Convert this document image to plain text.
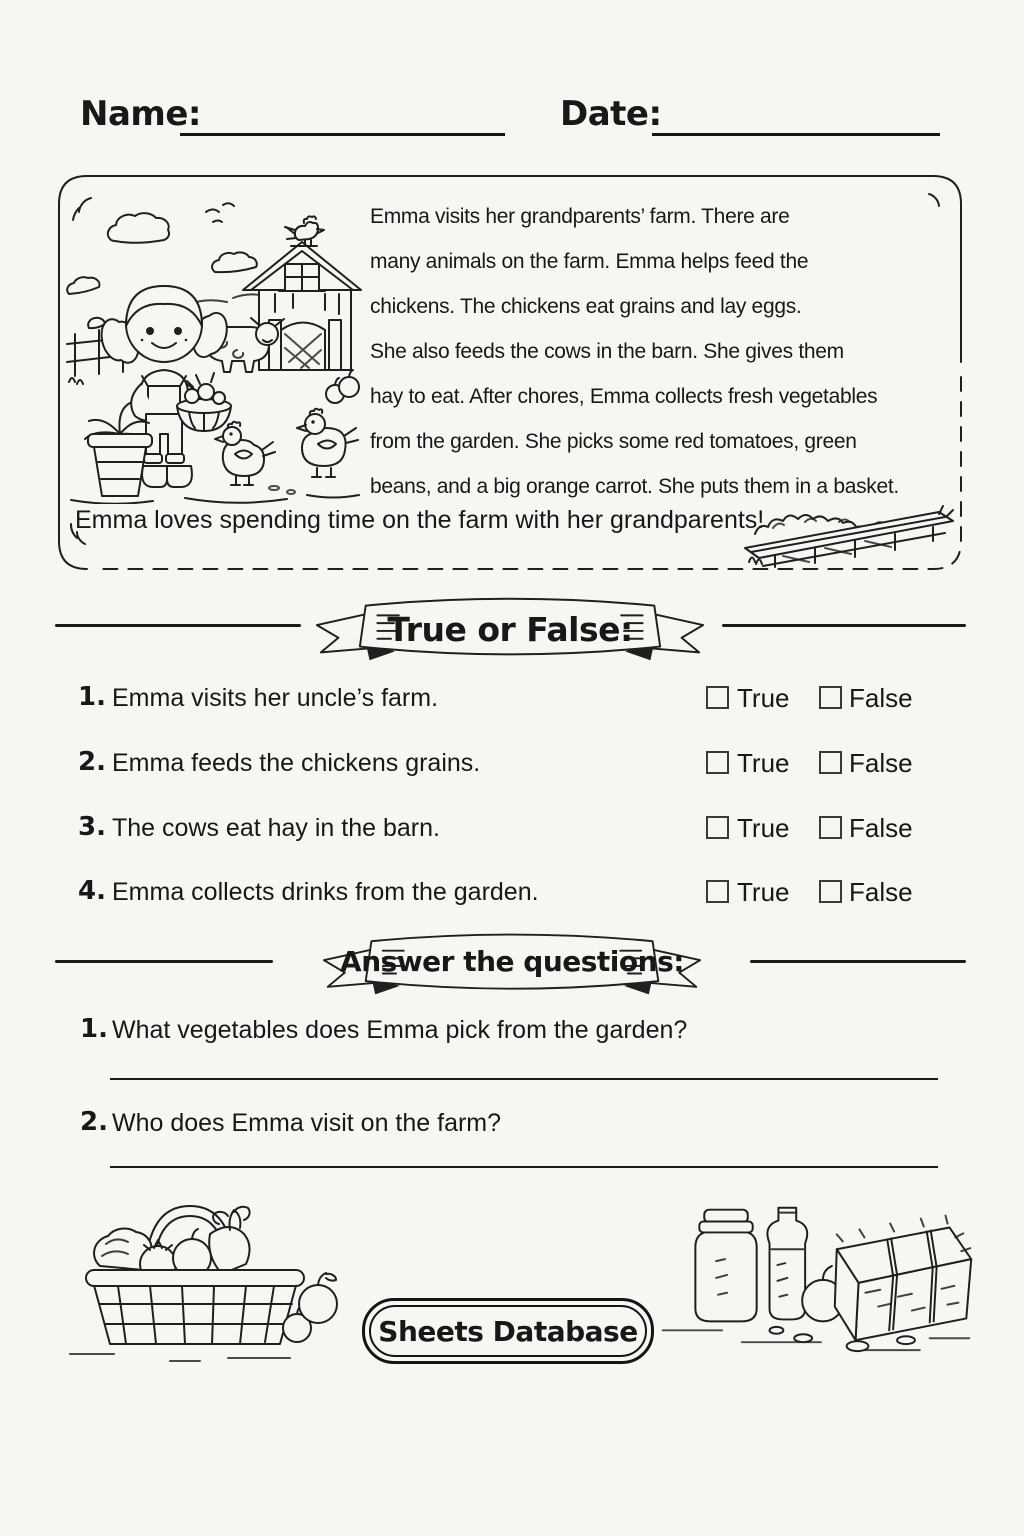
Name:	Date:
Emma visits her grandparents’ farm. There are
many animals on the farm. Emma helps feed the
chickens. The chickens eat grains and lay eggs.
She also feeds the cows in the barn. She gives them
hay to eat. After chores, Emma collects fresh vegetables
from the garden. She picks some red tomatoes, green
beans, and a big orange carrot. She puts them in a basket.
Emma loves spending time on the farm with her grandparents!
True or False:
1. Emma visits her uncle’s farm.	True False
2. Emma feeds the chickens grains.	True False
3. The cows eat hay in the barn.	True False
4. Emma collects drinks from the garden.	True False
Answer the questions:
1. What vegetables does Emma pick from the garden?
2. Who does Emma visit on the farm?
Sheets Database
